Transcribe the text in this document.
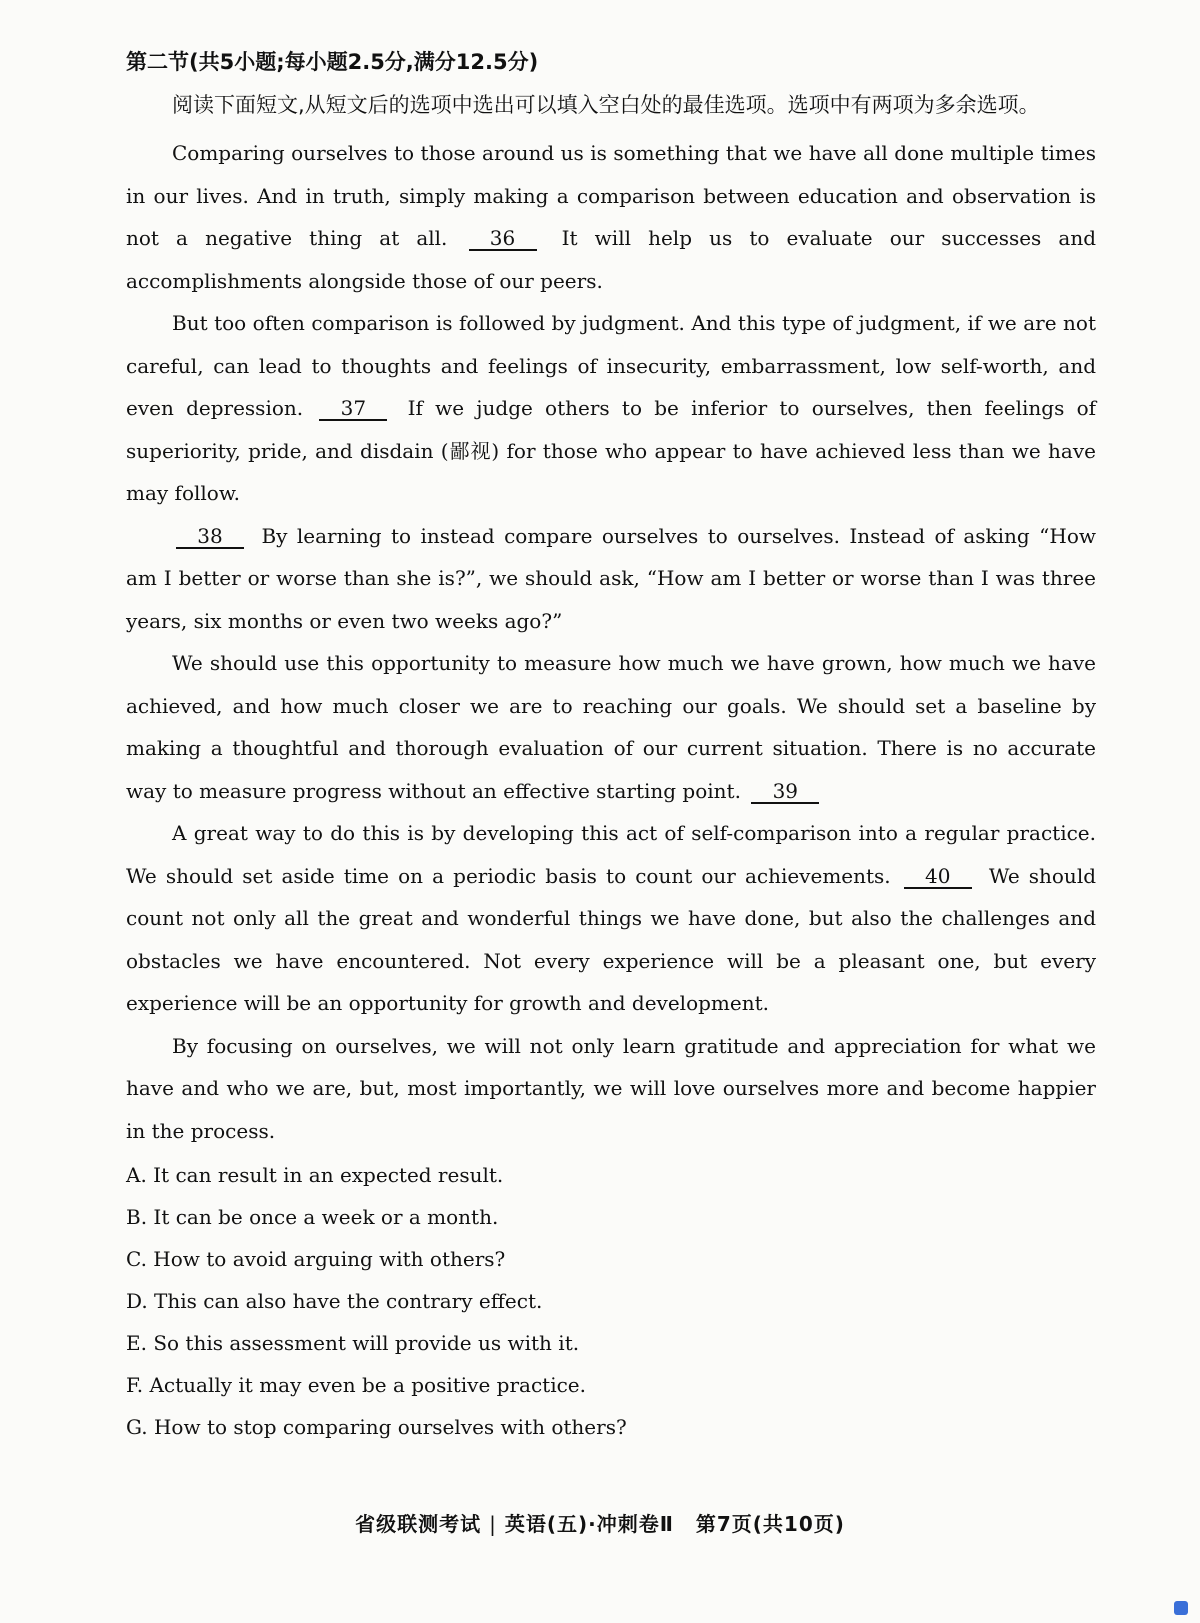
第二节(共5小题;每小题2.5分,满分12.5分)

阅读下面短文,从短文后的选项中选出可以填入空白处的最佳选项。选项中有两项为多余选项。

Comparing ourselves to those around us is something that we have all done multiple times in our lives. And in truth, simply making a comparison between education and observation is not a negative thing at all. 36 It will help us to evaluate our successes and accomplishments alongside those of our peers.

But too often comparison is followed by judgment. And this type of judgment, if we are not careful, can lead to thoughts and feelings of insecurity, embarrassment, low self-worth, and even depression. 37 If we judge others to be inferior to ourselves, then feelings of superiority, pride, and disdain (鄙视) for those who appear to have achieved less than we have may follow.

38 By learning to instead compare ourselves to ourselves. Instead of asking “How am I better or worse than she is?”, we should ask, “How am I better or worse than I was three years, six months or even two weeks ago?”

We should use this opportunity to measure how much we have grown, how much we have achieved, and how much closer we are to reaching our goals. We should set a baseline by making a thoughtful and thorough evaluation of our current situation. There is no accurate way to measure progress without an effective starting point. 39

A great way to do this is by developing this act of self-comparison into a regular practice. We should set aside time on a periodic basis to count our achievements. 40 We should count not only all the great and wonderful things we have done, but also the challenges and obstacles we have encountered. Not every experience will be a pleasant one, but every experience will be an opportunity for growth and development.

By focusing on ourselves, we will not only learn gratitude and appreciation for what we have and who we are, but, most importantly, we will love ourselves more and become happier in the process.

A. It can result in an expected result.

B. It can be once a week or a month.

C. How to avoid arguing with others?

D. This can also have the contrary effect.

E. So this assessment will provide us with it.

F. Actually it may even be a positive practice.

G. How to stop comparing ourselves with others?

省级联测考试 | 英语(五)·冲刺卷Ⅱ 第7页(共10页)
